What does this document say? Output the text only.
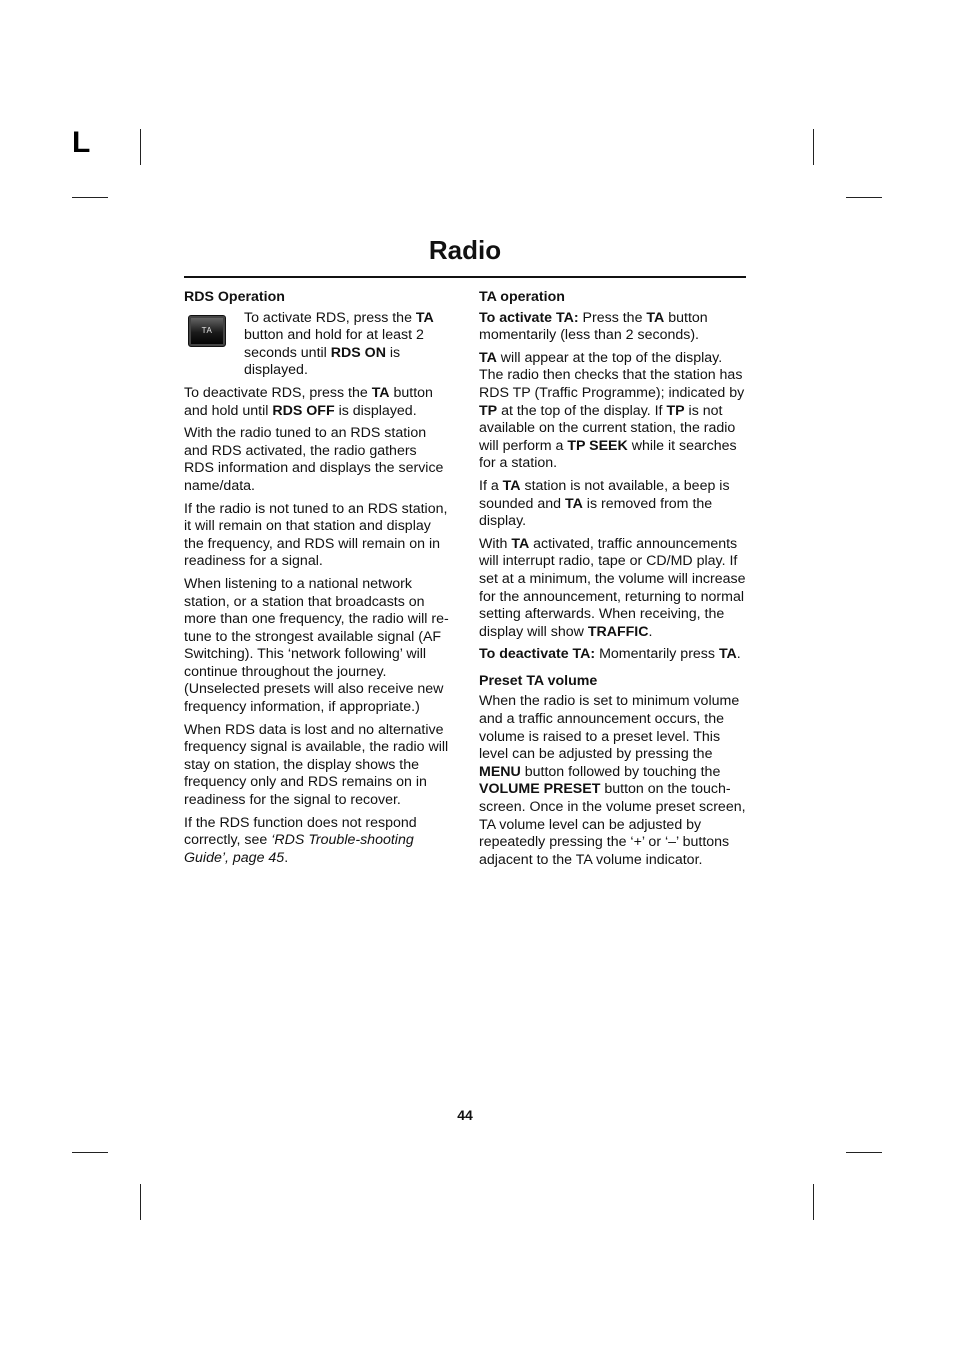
L
Radio
RDS Operation
TA

To activate RDS, press the TA button and hold for at least 2 seconds until RDS ON is displayed.

To deactivate RDS, press the TA button and hold until RDS OFF is displayed.

With the radio tuned to an RDS station and RDS activated, the radio gathers RDS information and displays the service name/data.

If the radio is not tuned to an RDS station, it will remain on that station and display the frequency, and RDS will remain on in readiness for a signal.

When listening to a national network station, or a station that broadcasts on more than one frequency, the radio will re-tune to the strongest available signal (AF Switching). This ‘network following’ will continue throughout the journey. (Unselected presets will also receive new frequency information, if appropriate.)

When RDS data is lost and no alternative frequency signal is available, the radio will stay on station, the display shows the frequency only and RDS remains on in readiness for the signal to recover.

If the RDS function does not respond correctly, see ‘RDS Trouble-shooting Guide’, page 45.

TA operation

To activate TA: Press the TA button momentarily (less than 2 seconds).

TA will appear at the top of the display. The radio then checks that the station has RDS TP (Traffic Programme); indicated by TP at the top of the display. If TP is not available on the current station, the radio will perform a TP SEEK while it searches for a station.

If a TA station is not available, a beep is sounded and TA is removed from the display.

With TA activated, traffic announcements will interrupt radio, tape or CD/MD play. If set at a minimum, the volume will increase for the announcement, returning to normal setting afterwards. When receiving, the display will show TRAFFIC.

To deactivate TA: Momentarily press TA.

Preset TA volume

When the radio is set to minimum volume and a traffic announcement occurs, the volume is raised to a preset level. This level can be adjusted by pressing the MENU button followed by touching the VOLUME PRESET button on the touch-screen. Once in the volume preset screen, TA volume level can be adjusted by repeatedly pressing the ‘+’ or ‘–’ buttons adjacent to the TA volume indicator.

44
